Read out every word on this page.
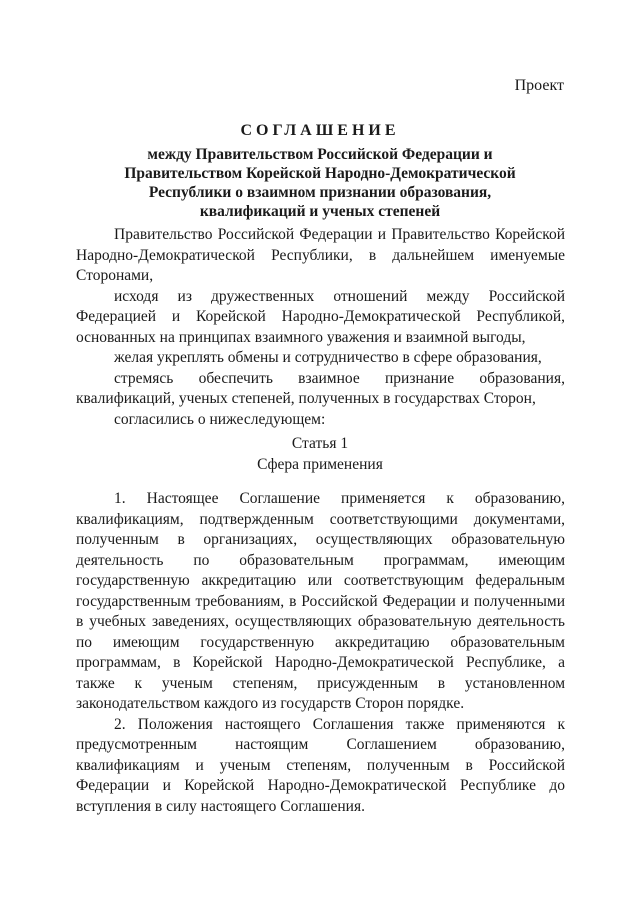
Проект

СОГЛАШЕНИЕ
между Правительством Российской Федерации и Правительством Корейской Народно-Демократической Республики о взаимном признании образования, квалификаций и ученых степеней

Правительство Российской Федерации и Правительство Корейской Народно-Демократической Республики, в дальнейшем именуемые Сторонами,

исходя из дружественных отношений между Российской Федерацией и Корейской Народно-Демократической Республикой, основанных на принципах взаимного уважения и взаимной выгоды,

желая укреплять обмены и сотрудничество в сфере образования,

стремясь обеспечить взаимное признание образования, квалификаций, ученых степеней, полученных в государствах Сторон,

согласились о нижеследующем:

Статья 1
Сфера применения

1. Настоящее Соглашение применяется к образованию, квалификациям, подтвержденным соответствующими документами, полученным в организациях, осуществляющих образовательную деятельность по образовательным программам, имеющим государственную аккредитацию или соответствующим федеральным государственным требованиям, в Российской Федерации и полученными в учебных заведениях, осуществляющих образовательную деятельность по имеющим государственную аккредитацию образовательным программам, в Корейской Народно-Демократической Республике, а также к ученым степеням, присужденным в установленном законодательством каждого из государств Сторон порядке.

2. Положения настоящего Соглашения также применяются к предусмотренным настоящим Соглашением образованию, квалификациям и ученым степеням, полученным в Российской Федерации и Корейской Народно-Демократической Республике до вступления в силу настоящего Соглашения.
